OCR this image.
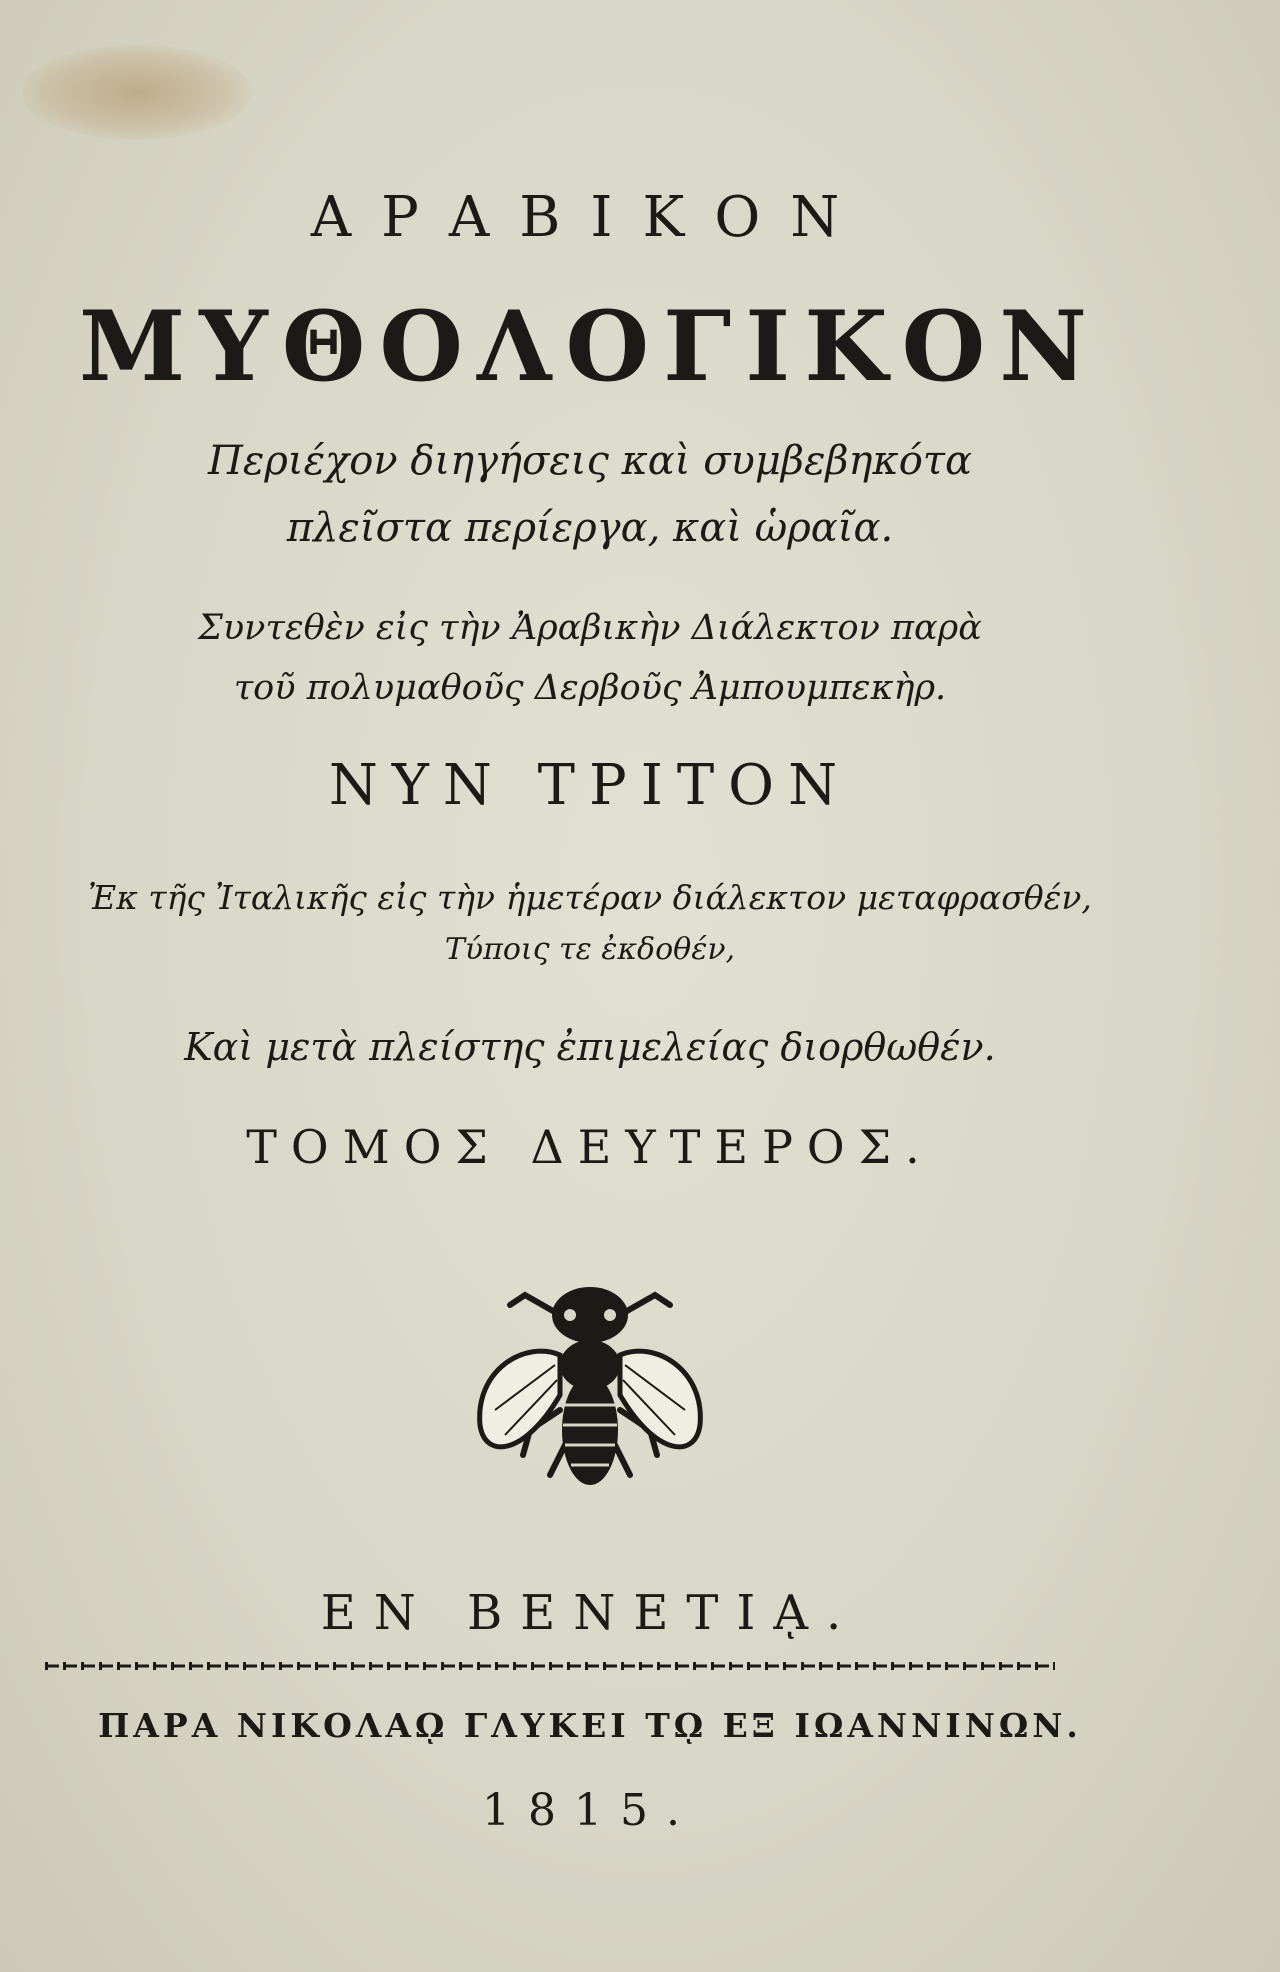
ΑΡΑΒΙΚΟΝ
ΜΥΘΟΛΟΓΙΚΟΝ
Περιέχον διηγήσεις καὶ συμβεβηκότα
πλεῖστα περίεργα, καὶ ὡραῖα.
Συντεθὲν εἰς τὴν Ἀραβικὴν Διάλεκτον παρὰ
τοῦ πολυμαθοῦς Δερβοῦς Ἀμπουμπεκὴρ.
ΝΥΝ ΤΡΙΤΟΝ
Ἐκ τῆς Ἰταλικῆς εἰς τὴν ἡμετέραν διάλεκτον μεταφρασθέν,
Τύποις τε ἐκδοθέν,
Καὶ μετὰ πλείστης ἐπιμελείας διορθωθέν.
ΤΟΜΟΣ ΔΕΥΤΕΡΟΣ.
ΕΝ ΒΕΝΕΤΙᾼ.
ΠΑΡΑ ΝΙΚΟΛΑῼ ΓΛΥΚΕΙ Τῼ ΕΞ ΙΩΑΝΝΙΝΩΝ.
1815.
